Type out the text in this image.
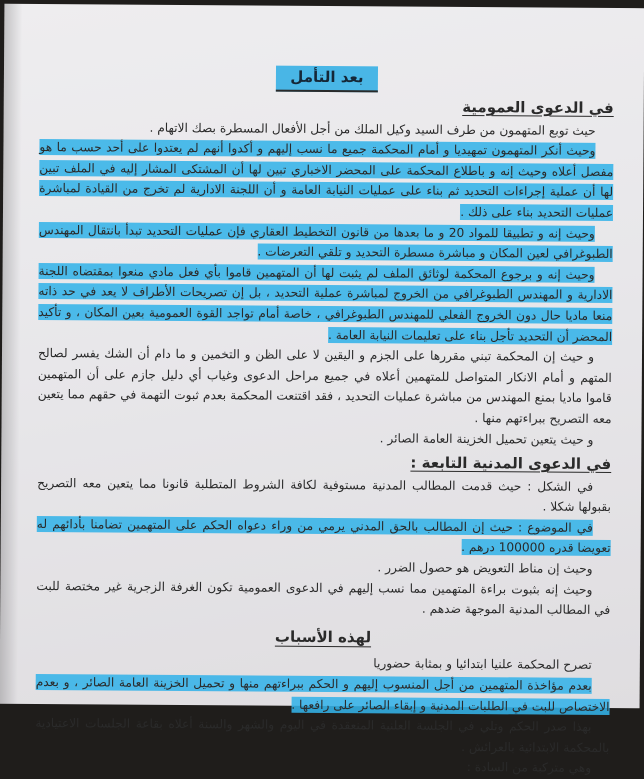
بعد التأمل
في الدعوى العمومية

حيث توبع المتهمون من طرف السيد وكيل الملك من أجل الأفعال المسطرة بصك الاتهام .

وحيث أنكر المتهمون تمهيديا و أمام المحكمة جميع ما نسب إليهم و أكدوا أنهم لم يعتدوا على أحد حسب ما هو مفصل أعلاه وحيث إنه و باطلاع المحكمة على المحضر الاخباري تبين لها أن المشتكى المشار إليه في الملف تبين لها أن عملية إجراءات التحديد ثم بناء على عمليات النيابة العامة و أن اللجنة الادارية لم تخرج من القيادة لمباشرة عمليات التحديد بناء على ذلك .

وحيث إنه و تطبيقا للمواد 20 و ما بعدها من قانون التخطيط العقاري فإن عمليات التحديد تبدأ بانتقال المهندس الطبوغرافي لعين المكان و مباشرة مسطرة التحديد و تلقي التعرضات .

وحيث إنه و برجوع المحكمة لوثائق الملف لم يثبت لها أن المتهمين قاموا بأي فعل مادي منعوا بمقتضاه اللجنة الادارية و المهندس الطبوغرافي من الخروج لمباشرة عملية التحديد ، بل إن تصريحات الأطراف لا يعد في حد ذاته منعا ماديا حال دون الخروج الفعلي للمهندس الطبوغرافي ، خاصة أمام تواجد القوة العمومية بعين المكان ، و تأكيد المحضر أن التحديد تأجل بناء على تعليمات النيابة العامة .

و حيث إن المحكمة تبني مقررها على الجزم و اليقين لا على الظن و التخمين و ما دام أن الشك يفسر لصالح المتهم و أمام الانكار المتواصل للمتهمين أعلاه في جميع مراحل الدعوى وغياب أي دليل جازم على أن المتهمين قاموا ماديا بمنع المهندس من مباشرة عمليات التحديد ، فقد اقتنعت المحكمة بعدم ثبوت التهمة في حقهم مما يتعين معه التصريح ببراءتهم منها .

و حيث يتعين تحميل الخزينة العامة الصائر .

في الدعوى المدنية التابعة :

في الشكل : حيث قدمت المطالب المدنية مستوفية لكافة الشروط المتطلبة قانونا مما يتعين معه التصريح بقبولها شكلا .

في الموضوع : حيث إن المطالب بالحق المدني يرمي من وراء دعواه الحكم على المتهمين تضامنا بأدائهم له تعويضا قدره 100000 درهم .

وحيث إن مناط التعويض هو حصول الضرر .

وحيث إنه بثبوت براءة المتهمين مما نسب إليهم في الدعوى العمومية تكون الغرفة الزجرية غير مختصة للبت في المطالب المدنية الموجهة ضدهم .

لهذه الأسباب

تصرح المحكمة علنيا ابتدائيا و بمثابة حضوريا

بعدم مؤاخذة المتهمين من أجل المنسوب إليهم و الحكم ببراءتهم منها و تحميل الخزينة العامة الصائر ، و بعدم الاختصاص للبت في الطلبات المدنية و إبقاء الصائر على رافعها .

بهذا صدر الحكم وتلي في الجلسة العلنية المنعقدة في اليوم والشهر والسنة أعلاه بقاعة الجلسات الاعتيادية بالمحكمة الابتدائية بالعرائش .

وهي متركبة من السادة :
